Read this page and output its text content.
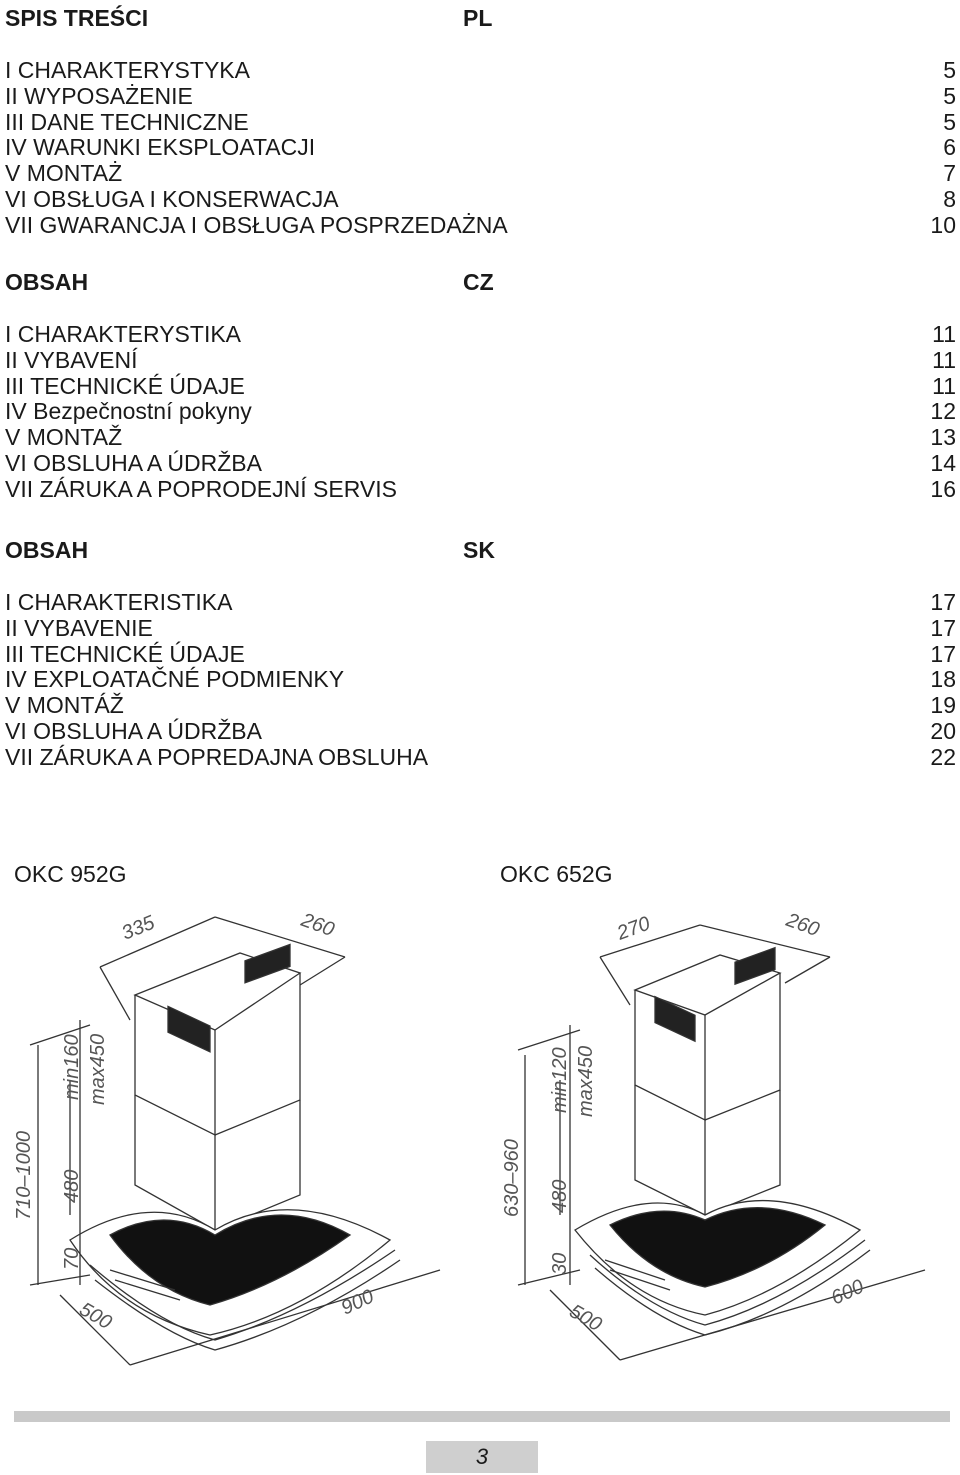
SPIS TREŚCI	PL
I CHARAKTERYSTYKA	5
II WYPOSAŻENIE	5
III DANE TECHNICZNE	5
IV WARUNKI EKSPLOATACJI	6
V MONTAŻ	7
VI OBSŁUGA I KONSERWACJA	8
VII GWARANCJA I OBSŁUGA POSPRZEDAŻNA	10
OBSAH	CZ
I CHARAKTERYSTIKA	11
II VYBAVENÍ	11
III TECHNICKÉ ÚDAJE	11
IV Bezpečnostní pokyny	12
V MONTAŽ	13
VI OBSLUHA A ÚDRŽBA	14
VII ZÁRUKA A POPRODEJNÍ SERVIS	16
OBSAH	SK
I CHARAKTERISTIKA	17
II VYBAVENIE	17
III TECHNICKÉ ÚDAJE	17
IV EXPLOATAČNÉ PODMIENKY	18
V MONTÁŽ	19
VI OBSLUHA A ÚDRŽBA	20
VII ZÁRUKA A POPREDAJNA OBSLUHA	22
OKC 952G	OKC 652G
335	260
min160 max450
710–1000 480
70
500	900
270	260
min120 max450
630–960 480
30
500
600
3
